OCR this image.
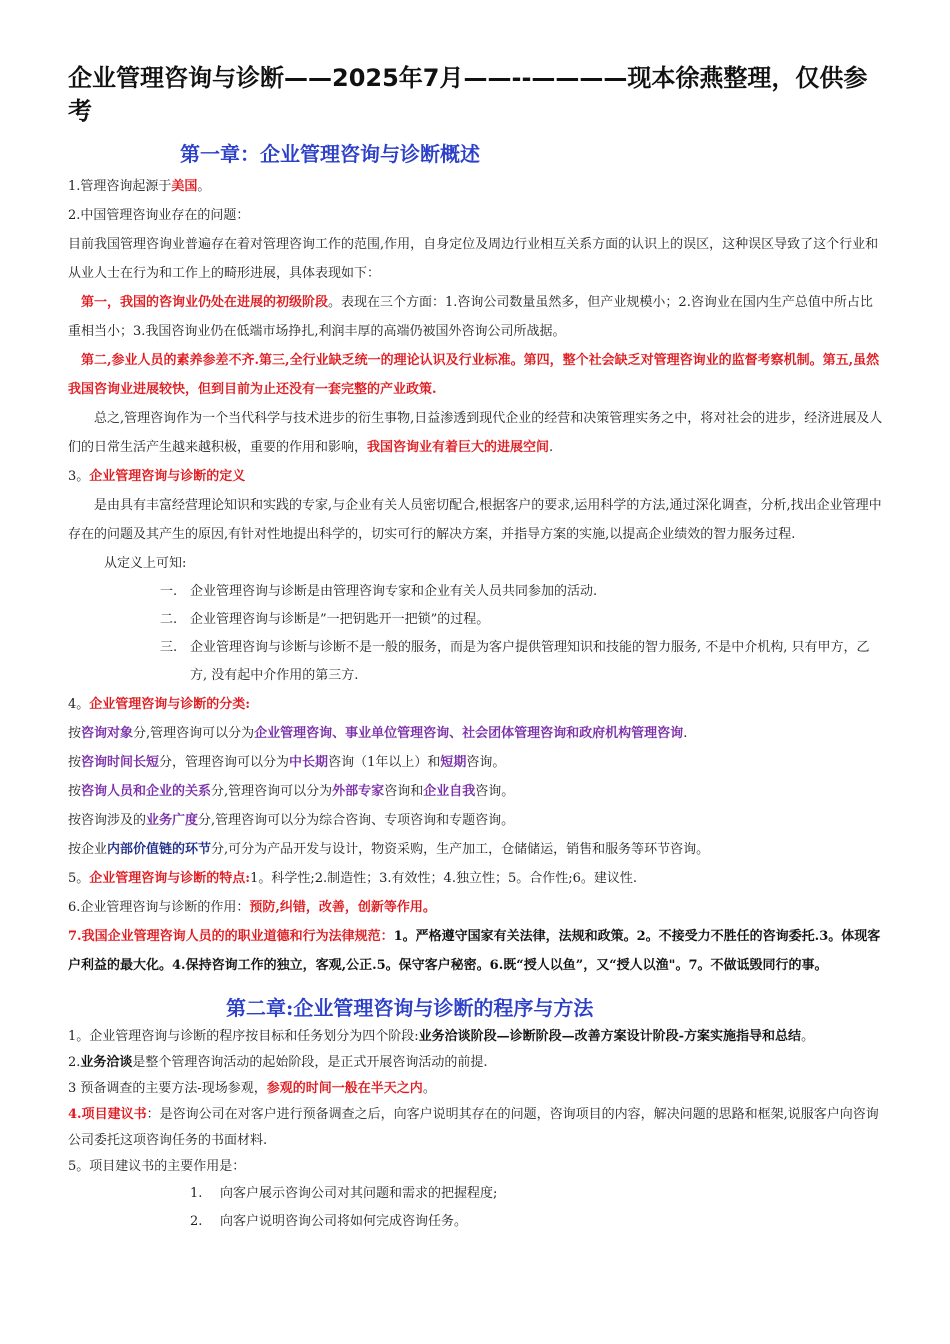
企业管理咨询与诊断——2025年7月——--————现本徐燕整理，仅供参考
第一章：企业管理咨询与诊断概述

1.管理咨询起源于美国。

2.中国管理咨询业存在的问题：

目前我国管理咨询业普遍存在着对管理咨询工作的范围,作用，自身定位及周边行业相互关系方面的认识上的误区，这种误区导致了这个行业和从业人士在行为和工作上的畸形进展，具体表现如下：

第一，我国的咨询业仍处在进展的初级阶段。表现在三个方面：1.咨询公司数量虽然多，但产业规模小；2.咨询业在国内生产总值中所占比重相当小；3.我国咨询业仍在低端市场挣扎,利润丰厚的高端仍被国外咨询公司所战据。

第二,参业人员的素养参差不齐.第三,全行业缺乏统一的理论认识及行业标准。第四，整个社会缺乏对管理咨询业的监督考察机制。第五,虽然我国咨询业进展较快，但到目前为止还没有一套完整的产业政策.

总之,管理咨询作为一个当代科学与技术进步的衍生事物,日益渗透到现代企业的经营和决策管理实务之中，将对社会的进步，经济进展及人们的日常生活产生越来越积极，重要的作用和影响，我国咨询业有着巨大的进展空间.

3。企业管理咨询与诊断的定义

是由具有丰富经营理论知识和实践的专家,与企业有关人员密切配合,根据客户的要求,运用科学的方法,通过深化调查，分析,找出企业管理中存在的问题及其产生的原因,有针对性地提出科学的，切实可行的解决方案，并指导方案的实施,以提高企业绩效的智力服务过程.

从定义上可知:

一. 企业管理咨询与诊断是由管理咨询专家和企业有关人员共同参加的活动.
二. 企业管理咨询与诊断是”一把钥匙开一把锁”的过程。
三. 企业管理咨询与诊断与诊断不是一般的服务，而是为客户提供管理知识和技能的智力服务, 不是中介机构, 只有甲方，乙方, 没有起中介作用的第三方.

4。企业管理咨询与诊断的分类:

按咨询对象分,管理咨询可以分为企业管理咨询、事业单位管理咨询、社会团体管理咨询和政府机构管理咨询.

按咨询时间长短分，管理咨询可以分为中长期咨询（1年以上）和短期咨询。

按咨询人员和企业的关系分,管理咨询可以分为外部专家咨询和企业自我咨询。

按咨询涉及的业务广度分,管理咨询可以分为综合咨询、专项咨询和专题咨询。

按企业内部价值链的环节分,可分为产品开发与设计，物资采购，生产加工，仓储储运，销售和服务等环节咨询。

5。企业管理咨询与诊断的特点:1。科学性;2.制造性；3.有效性；4.独立性；5。合作性;6。建议性.

6.企业管理咨询与诊断的作用：预防,纠错，改善，创新等作用。

7.我国企业管理咨询人员的的职业道德和行为法律规范：1。严格遵守国家有关法律，法规和政策。2。不接受力不胜任的咨询委托.3。体现客户利益的最大化。4.保持咨询工作的独立，客观,公正.5。保守客户秘密。6.既“授人以鱼”，又“授人以渔"。7。不做诋毁同行的事。

第二章:企业管理咨询与诊断的程序与方法

1。企业管理咨询与诊断的程序按目标和任务划分为四个阶段:业务洽谈阶段—诊断阶段—改善方案设计阶段-方案实施指导和总结。

2.业务洽谈是整个管理咨询活动的起始阶段，是正式开展咨询活动的前提.

3 预备调查的主要方法-现场参观，参观的时间一般在半天之内。

4.项目建议书：是咨询公司在对客户进行预备调查之后，向客户说明其存在的问题，咨询项目的内容，解决问题的思路和框架,说服客户向咨询公司委托这项咨询任务的书面材料.

5。项目建议书的主要作用是：

1.	向客户展示咨询公司对其问题和需求的把握程度;
2.	向客户说明咨询公司将如何完成咨询任务。
